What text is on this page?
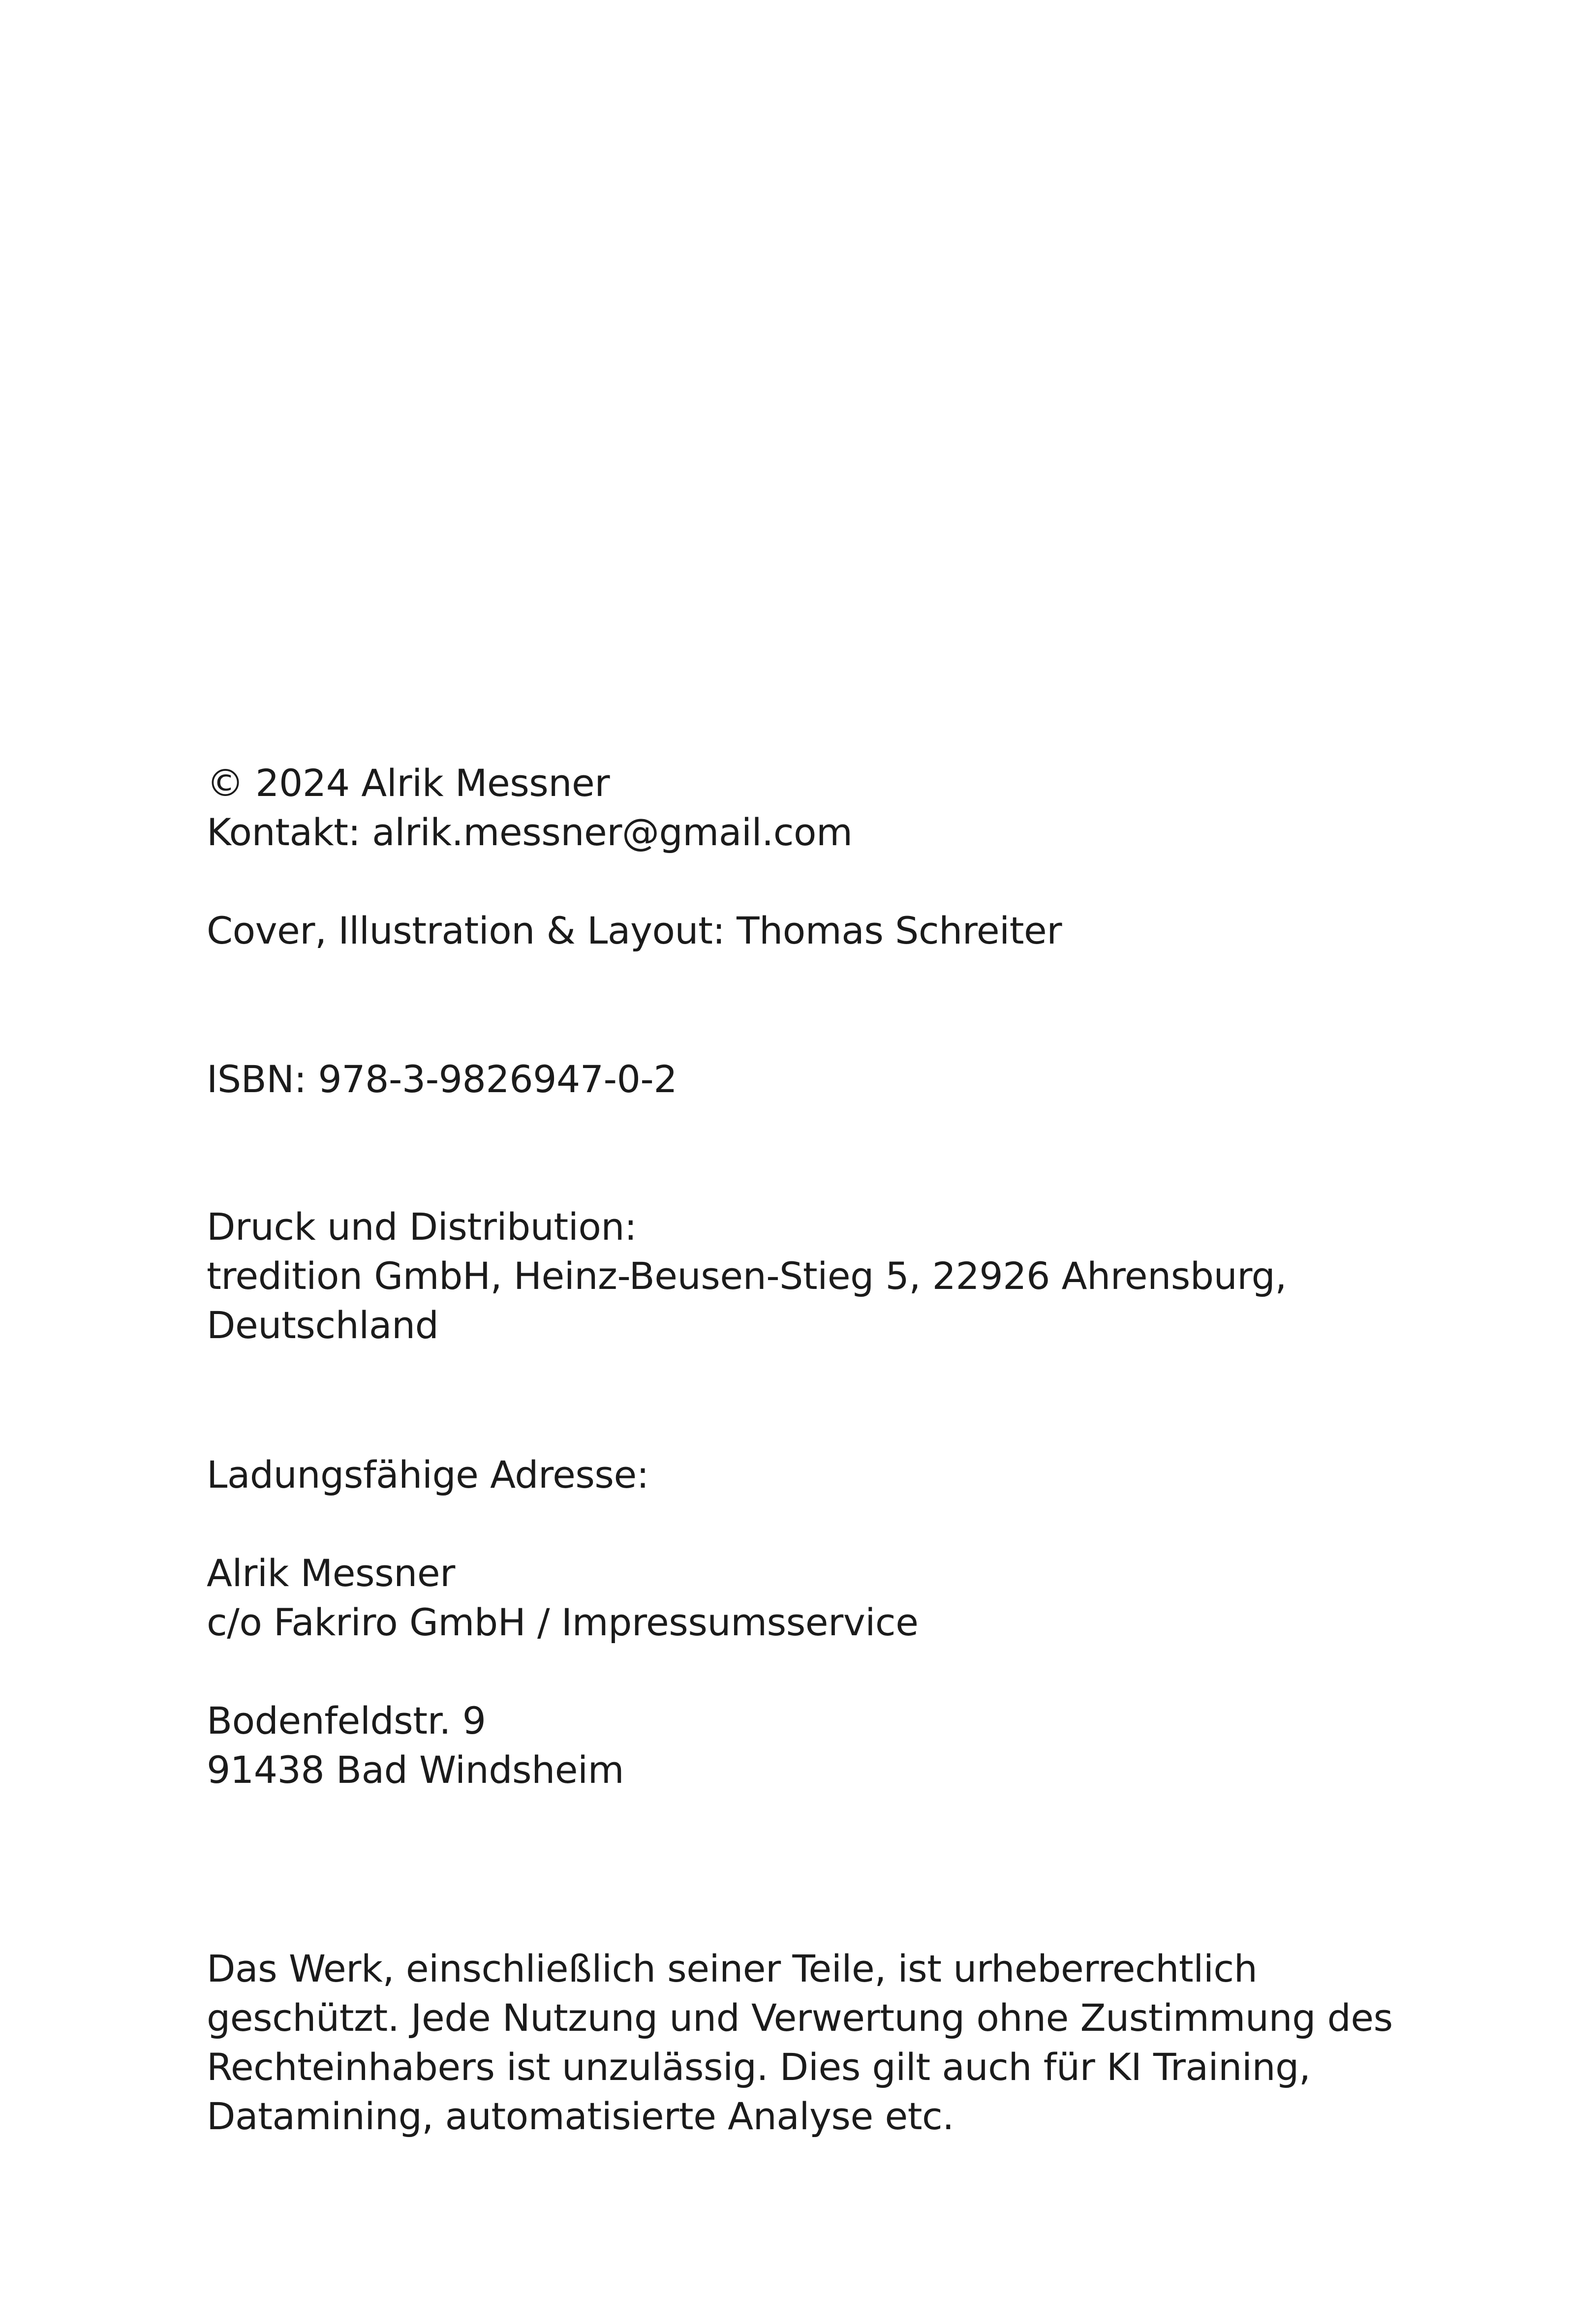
© 2024 Alrik Messner
Kontakt: alrik.messner@gmail.com
Cover, Illustration & Layout: Thomas Schreiter
ISBN: 978-3-9826947-0-2
Druck und Distribution:
tredition GmbH, Heinz-Beusen-Stieg 5, 22926 Ahrensburg,
Deutschland
Ladungsfähige Adresse:
Alrik Messner
c/o Fakriro GmbH / Impressumsservice
Bodenfeldstr. 9
91438 Bad Windsheim
Das Werk, einschließlich seiner Teile, ist urheberrechtlich
geschützt. Jede Nutzung und Verwertung ohne Zustimmung des
Rechteinhabers ist unzulässig. Dies gilt auch für KI Training,
Datamining, automatisierte Analyse etc.
